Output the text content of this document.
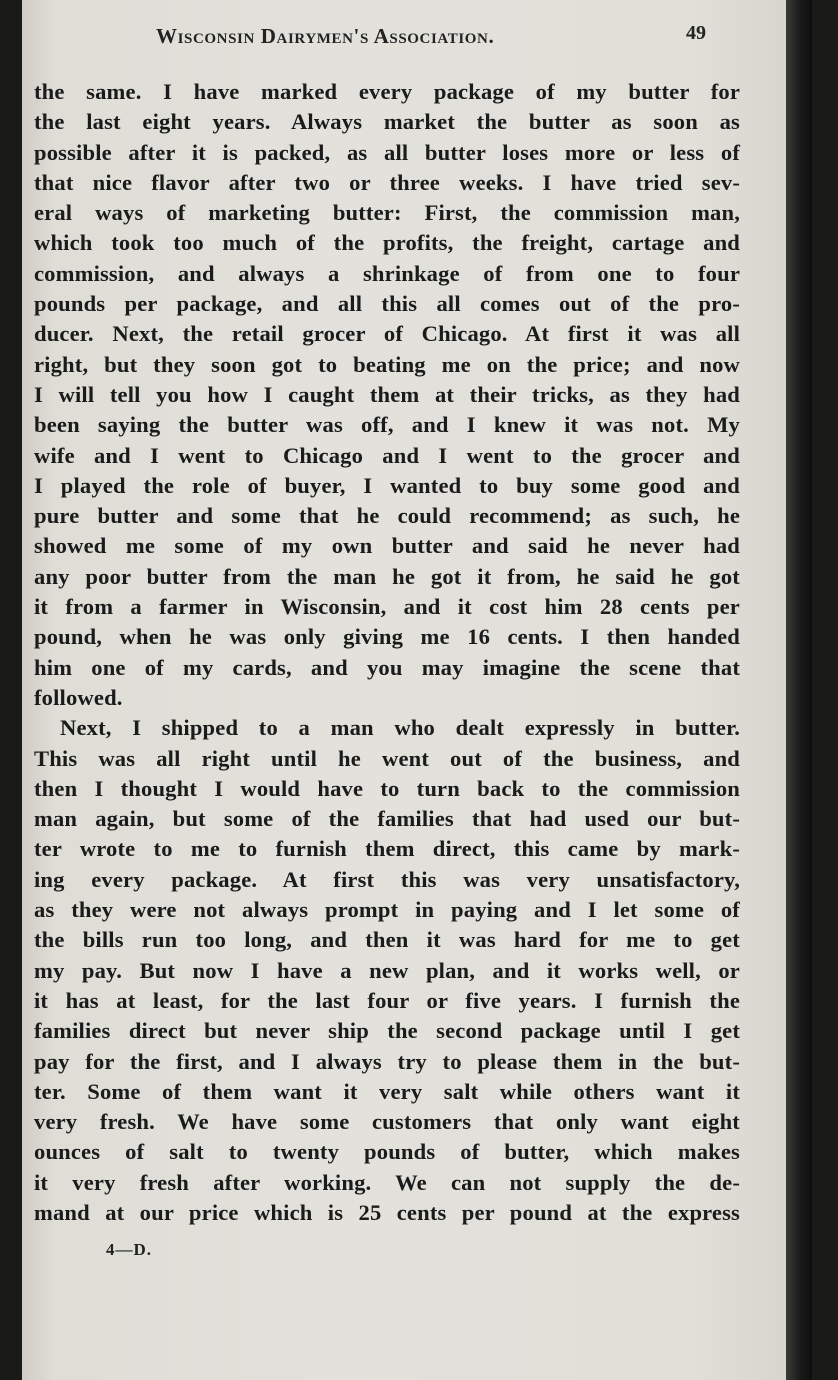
Wisconsin Dairymen's Association.	49
the same. I have marked every package of my butter for
the last eight years. Always market the butter as soon as
possible after it is packed, as all butter loses more or less of
that nice flavor after two or three weeks. I have tried sev-
eral ways of marketing butter: First, the commission man,
which took too much of the profits, the freight, cartage and
commission, and always a shrinkage of from one to four
pounds per package, and all this all comes out of the pro-
ducer. Next, the retail grocer of Chicago. At first it was all
right, but they soon got to beating me on the price; and now
I will tell you how I caught them at their tricks, as they had
been saying the butter was off, and I knew it was not. My
wife and I went to Chicago and I went to the grocer and
I played the role of buyer, I wanted to buy some good and
pure butter and some that he could recommend; as such, he
showed me some of my own butter and said he never had
any poor butter from the man he got it from, he said he got
it from a farmer in Wisconsin, and it cost him 28 cents per
pound, when he was only giving me 16 cents. I then handed
him one of my cards, and you may imagine the scene that
followed.
Next, I shipped to a man who dealt expressly in butter.
This was all right until he went out of the business, and
then I thought I would have to turn back to the commission
man again, but some of the families that had used our but-
ter wrote to me to furnish them direct, this came by mark-
ing every package. At first this was very unsatisfactory,
as they were not always prompt in paying and I let some of
the bills run too long, and then it was hard for me to get
my pay. But now I have a new plan, and it works well, or
it has at least, for the last four or five years. I furnish the
families direct but never ship the second package until I get
pay for the first, and I always try to please them in the but-
ter. Some of them want it very salt while others want it
very fresh. We have some customers that only want eight
ounces of salt to twenty pounds of butter, which makes
it very fresh after working. We can not supply the de-
mand at our price which is 25 cents per pound at the express
4—D.
